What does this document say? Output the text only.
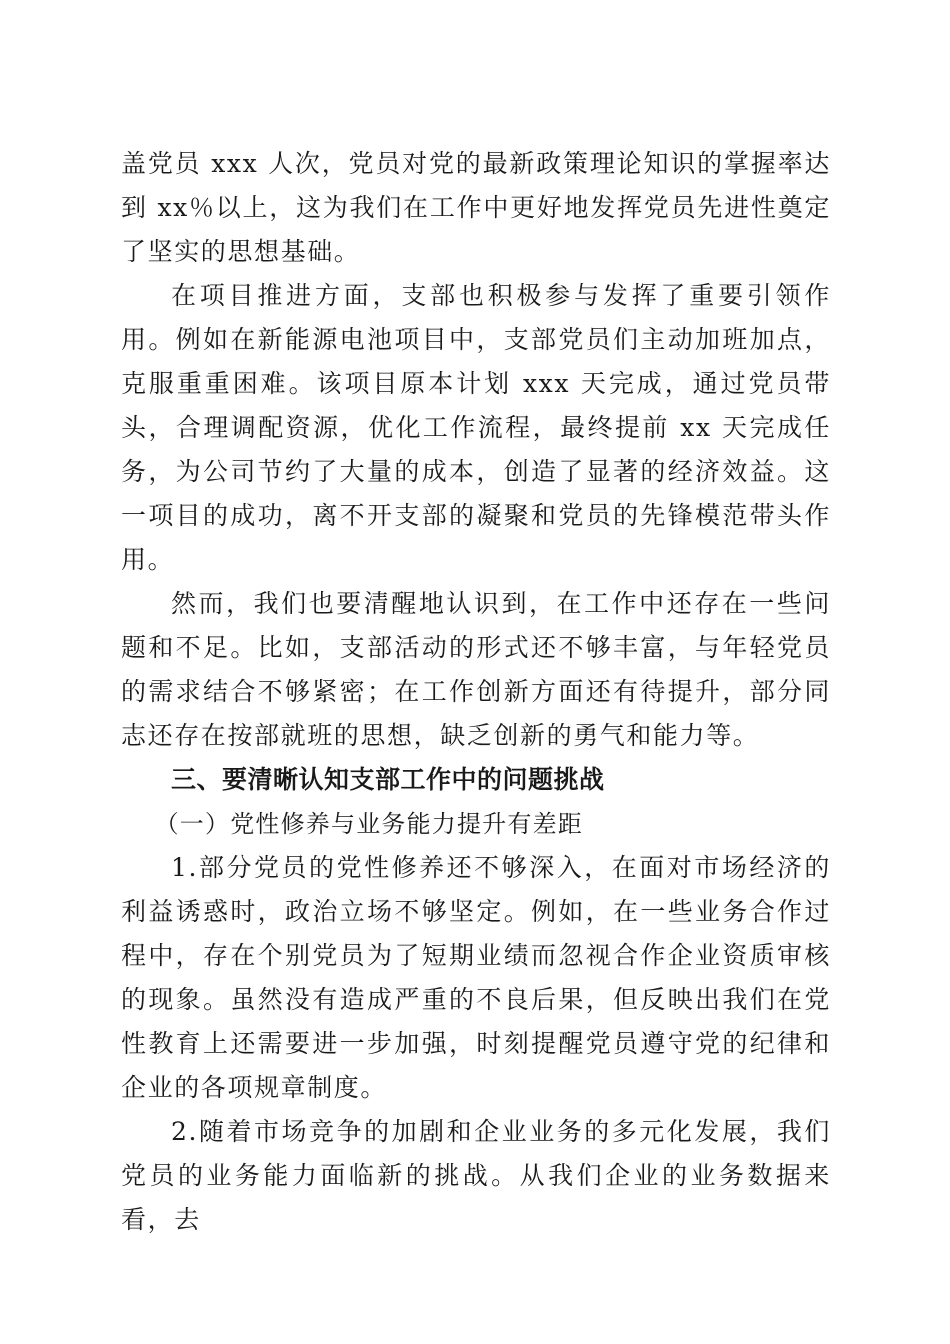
盖党员 xxx 人次，党员对党的最新政策理论知识的掌握率达到 xx％以上，这为我们在工作中更好地发挥党员先进性奠定了坚实的思想基础。

在项目推进方面，支部也积极参与发挥了重要引领作用。例如在新能源电池项目中，支部党员们主动加班加点，克服重重困难。该项目原本计划 xxx 天完成，通过党员带头，合理调配资源，优化工作流程，最终提前 xx 天完成任务，为公司节约了大量的成本，创造了显著的经济效益。这一项目的成功，离不开支部的凝聚和党员的先锋模范带头作用。

然而，我们也要清醒地认识到，在工作中还存在一些问题和不足。比如，支部活动的形式还不够丰富，与年轻党员的需求结合不够紧密；在工作创新方面还有待提升，部分同志还存在按部就班的思想，缺乏创新的勇气和能力等。

三、要清晰认知支部工作中的问题挑战

（一）党性修养与业务能力提升有差距

1.部分党员的党性修养还不够深入，在面对市场经济的利益诱惑时，政治立场不够坚定。例如，在一些业务合作过程中，存在个别党员为了短期业绩而忽视合作企业资质审核的现象。虽然没有造成严重的不良后果，但反映出我们在党性教育上还需要进一步加强，时刻提醒党员遵守党的纪律和企业的各项规章制度。

2.随着市场竞争的加剧和企业业务的多元化发展，我们党员的业务能力面临新的挑战。从我们企业的业务数据来看，去
